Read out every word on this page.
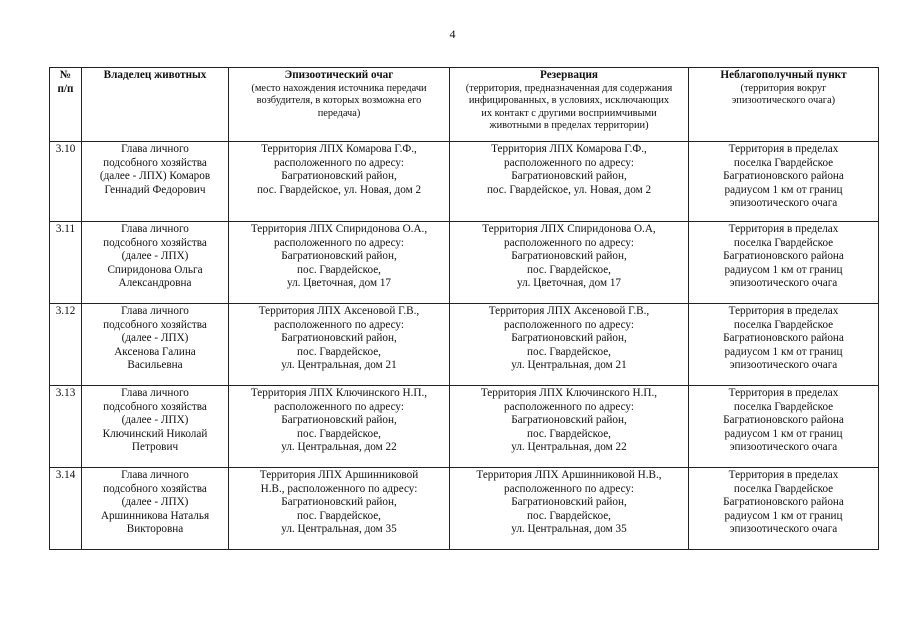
4
№
п/п	Владелец животных	Эпизоотический очаг
(место нахождения источника передачи
возбудителя, в которых возможна его
передача)	Резервация
(территория, предназначенная для содержания
инфицированных, в условиях, исключающих
их контакт с другими восприимчивыми
животными в пределах территории)	Неблагополучный пункт
(территория вокруг
эпизоотического очага)

3.10	Глава личного
подсобного хозяйства
(далее - ЛПХ) Комаров
Геннадий Федорович	Территория ЛПХ Комарова Г.Ф.,
расположенного по адресу:
Багратионовский район,
пос. Гвардейское, ул. Новая, дом 2	Территория ЛПХ Комарова Г.Ф.,
расположенного по адресу:
Багратионовский район,
пос. Гвардейское, ул. Новая, дом 2	Территория в пределах
поселка Гвардейское
Багратионовского района
радиусом 1 км от границ
эпизоотического очага

3.11	Глава личного
подсобного хозяйства
(далее - ЛПХ)
Спиридонова Ольга
Александровна	Территория ЛПХ Спиридонова О.А.,
расположенного по адресу:
Багратионовский район,
пос. Гвардейское,
ул. Цветочная, дом 17	Территория ЛПХ Спиридонова О.А,
расположенного по адресу:
Багратионовский район,
пос. Гвардейское,
ул. Цветочная, дом 17	Территория в пределах
поселка Гвардейское
Багратионовского района
радиусом 1 км от границ
эпизоотического очага

3.12	Глава личного
подсобного хозяйства
(далее - ЛПХ)
Аксенова Галина
Васильевна	Территория ЛПХ Аксеновой Г.В.,
расположенного по адресу:
Багратионовский район,
пос. Гвардейское,
ул. Центральная, дом 21	Территория ЛПХ Аксеновой Г.В.,
расположенного по адресу:
Багратионовский район,
пос. Гвардейское,
ул. Центральная, дом 21	Территория в пределах
поселка Гвардейское
Багратионовского района
радиусом 1 км от границ
эпизоотического очага

3.13	Глава личного
подсобного хозяйства
(далее - ЛПХ)
Ключинский Николай
Петрович	Территория ЛПХ Ключинского Н.П.,
расположенного по адресу:
Багратионовский район,
пос. Гвардейское,
ул. Центральная, дом 22	Территория ЛПХ Ключинского Н.П.,
расположенного по адресу:
Багратионовский район,
пос. Гвардейское,
ул. Центральная, дом 22	Территория в пределах
поселка Гвардейское
Багратионовского района
радиусом 1 км от границ
эпизоотического очага

3.14	Глава личного
подсобного хозяйства
(далее - ЛПХ)
Аршинникова Наталья
Викторовна	Территория ЛПХ Аршинниковой
Н.В., расположенного по адресу:
Багратионовский район,
пос. Гвардейское,
ул. Центральная, дом 35	Территория ЛПХ Аршинниковой Н.В.,
расположенного по адресу:
Багратионовский район,
пос. Гвардейское,
ул. Центральная, дом 35	Территория в пределах
поселка Гвардейское
Багратионовского района
радиусом 1 км от границ
эпизоотического очага
